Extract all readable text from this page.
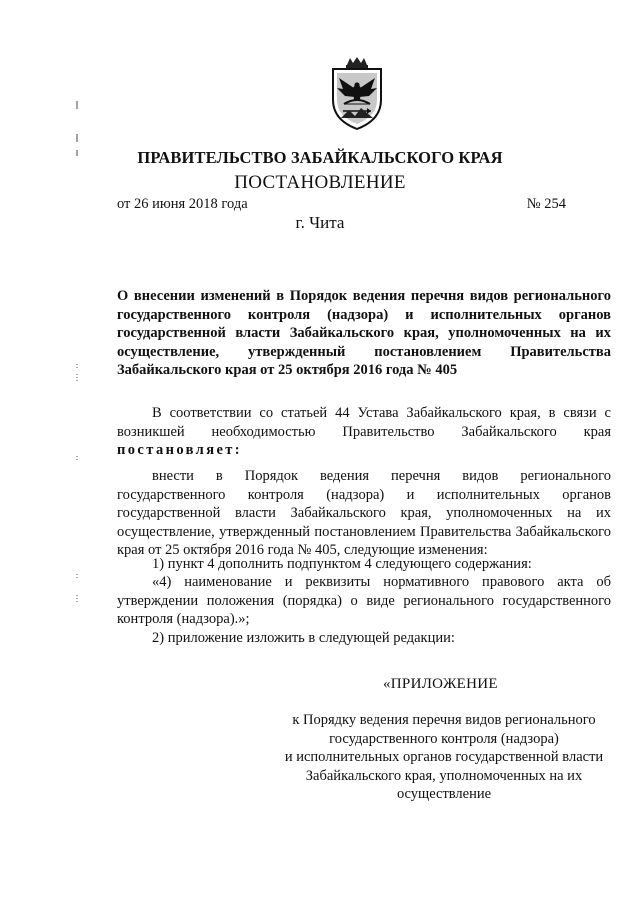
ПРАВИТЕЛЬСТВО ЗАБАЙКАЛЬСКОГО КРАЯ
ПОСТАНОВЛЕНИЕ
от 26 июня 2018 года	№ 254
г. Чита
О внесении изменений в Порядок ведения перечня видов регионального государственного контроля (надзора) и исполнительных органов государственной власти Забайкальского края, уполномоченных на их осуществление, утвержденный постановлением Правительства Забайкальского края от 25 октября 2016 года № 405
В соответствии со статьей 44 Устава Забайкальского края, в связи с возникшей необходимостью Правительство Забайкальского края постановляет:
внести в Порядок ведения перечня видов регионального государственного контроля (надзора) и исполнительных органов государственной власти Забайкальского края, уполномоченных на их осуществление, утвержденный постановлением Правительства Забайкальского края от 25 октября 2016 года № 405, следующие изменения:
1) пункт 4 дополнить подпунктом 4 следующего содержания:
«4) наименование и реквизиты нормативного правового акта об утверждении положения (порядка) о виде регионального государственного контроля (надзора).»;
2) приложение изложить в следующей редакции:
«ПРИЛОЖЕНИЕ
к Порядку ведения перечня видов регионального
государственного контроля (надзора)
и исполнительных органов государственной власти
Забайкальского края, уполномоченных на их
осуществление
